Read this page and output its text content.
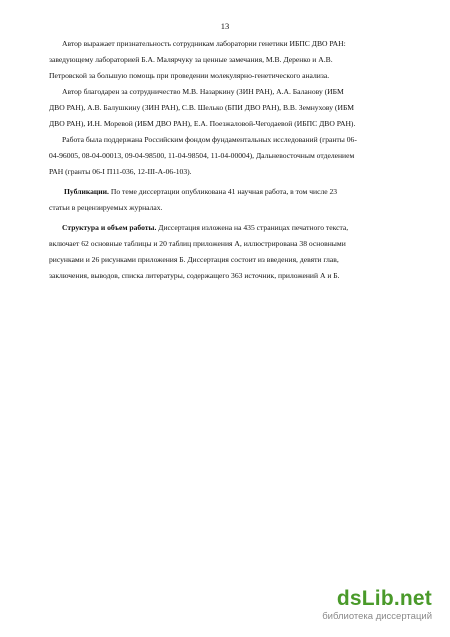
13

Автор выражает признательность сотрудникам лаборатории генетики ИБПС ДВО РАН:
заведующему лабораторией Б.А. Малярчуку за ценные замечания, М.В. Деренко и А.В.
Петровской за большую помощь при проведении молекулярно-генетического анализа.

Автор благодарен за сотрудничество М.В. Назаркину (ЗИН РАН), А.А. Баланову (ИБМ
ДВО РАН), А.В. Балушкину (ЗИН РАН), С.В. Шелько (БПИ ДВО РАН), В.В. Земнухову (ИБМ
ДВО РАН), И.Н. Моревой (ИБМ ДВО РАН), Е.А. Поезжаловой-Чегодаевой (ИБПС ДВО РАН).

Работа была поддержана Российским фондом фундаментальных исследований (гранты 06-
04-96005, 08-04-00013, 09-04-98500, 11-04-98504, 11-04-00004), Дальневосточным отделением
РАН (гранты 06-I П11-036, 12-III-А-06-103).

Публикации. По теме диссертации опубликована 41 научная работа, в том числе 23
статьи в рецензируемых журналах.

Структура и объем работы. Диссертация изложена на 435 страницах печатного текста,
включает 62 основные таблицы и 20 таблиц приложения А, иллюстрирована 38 основными
рисунками и 26 рисунками приложения Б. Диссертация состоит из введения, девяти глав,
заключения, выводов, списка литературы, содержащего 363 источник, приложений А и Б.

dsLib.net
библиотека диссертаций
